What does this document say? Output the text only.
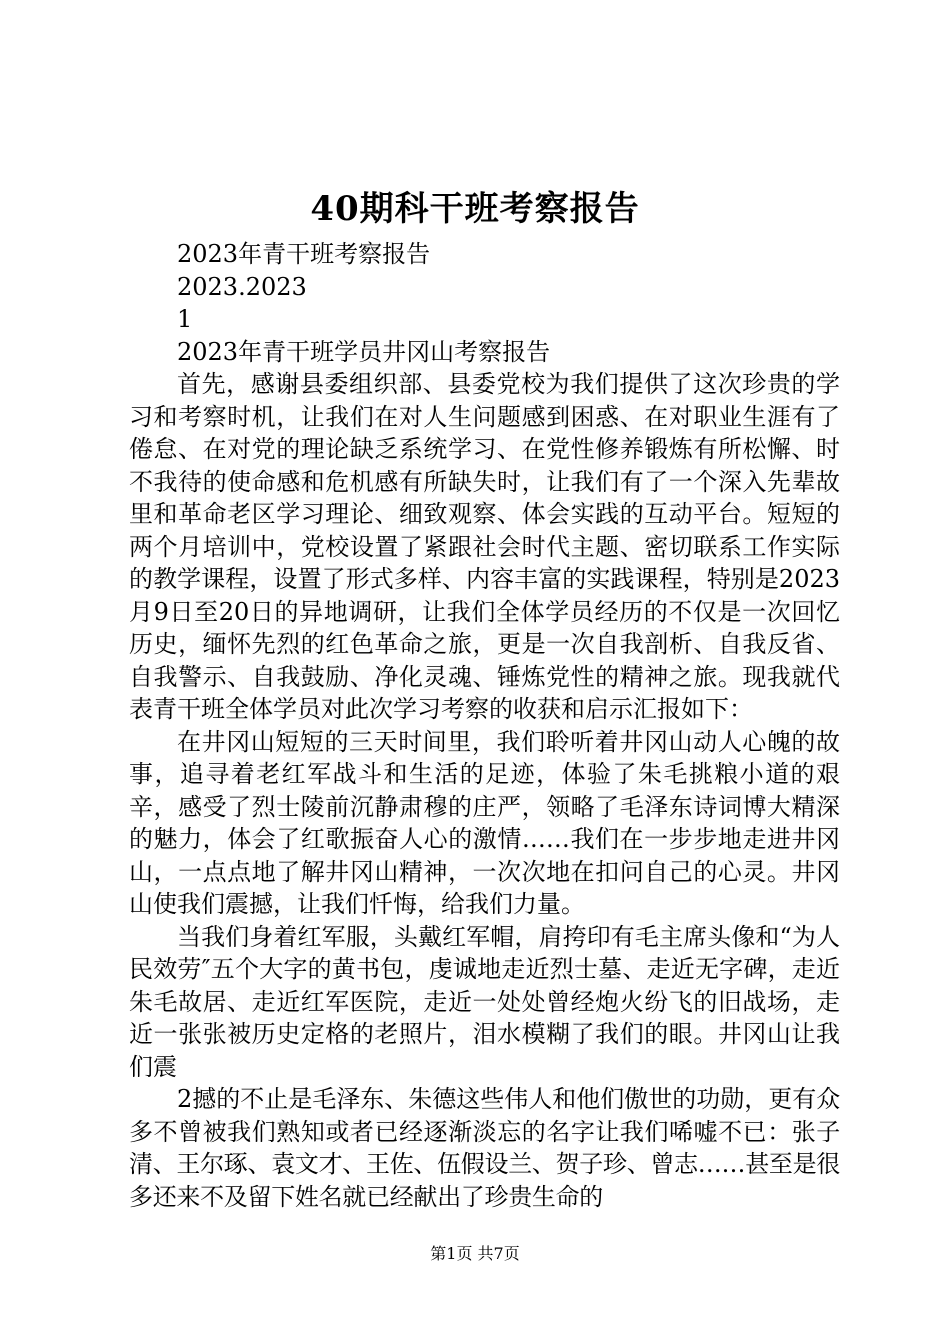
40期科干班考察报告

2023年青干班考察报告

2023.2023

1

2023年青干班学员井冈山考察报告

首先，感谢县委组织部、县委党校为我们提供了这次珍贵的学习和考察时机，让我们在对人生问题感到困惑、在对职业生涯有了倦怠、在对党的理论缺乏系统学习、在党性修养锻炼有所松懈、时不我待的使命感和危机感有所缺失时，让我们有了一个深入先辈故里和革命老区学习理论、细致观察、体会实践的互动平台。短短的两个月培训中，党校设置了紧跟社会时代主题、密切联系工作实际的教学课程，设置了形式多样、内容丰富的实践课程，特别是2023月9日至20日的异地调研，让我们全体学员经历的不仅是一次回忆历史，缅怀先烈的红色革命之旅，更是一次自我剖析、自我反省、自我警示、自我鼓励、净化灵魂、锤炼党性的精神之旅。现我就代表青干班全体学员对此次学习考察的收获和启示汇报如下：

在井冈山短短的三天时间里，我们聆听着井冈山动人心魄的故事，追寻着老红军战斗和生活的足迹，体验了朱毛挑粮小道的艰辛，感受了烈士陵前沉静肃穆的庄严，领略了毛泽东诗词博大精深的魅力，体会了红歌振奋人心的激情……我们在一步步地走进井冈山，一点点地了解井冈山精神，一次次地在扣问自己的心灵。井冈山使我们震撼，让我们忏悔，给我们力量。

当我们身着红军服，头戴红军帽，肩挎印有毛主席头像和“为人民效劳″五个大字的黄书包，虔诚地走近烈士墓、走近无字碑，走近朱毛故居、走近红军医院，走近一处处曾经炮火纷飞的旧战场，走近一张张被历史定格的老照片，泪水模糊了我们的眼。井冈山让我们震

2撼的不止是毛泽东、朱德这些伟人和他们傲世的功勋，更有众多不曾被我们熟知或者已经逐渐淡忘的名字让我们唏嘘不已：张子清、王尔琢、袁文才、王佐、伍假设兰、贺子珍、曾志……甚至是很多还来不及留下姓名就已经献出了珍贵生命的

第1页 共7页
